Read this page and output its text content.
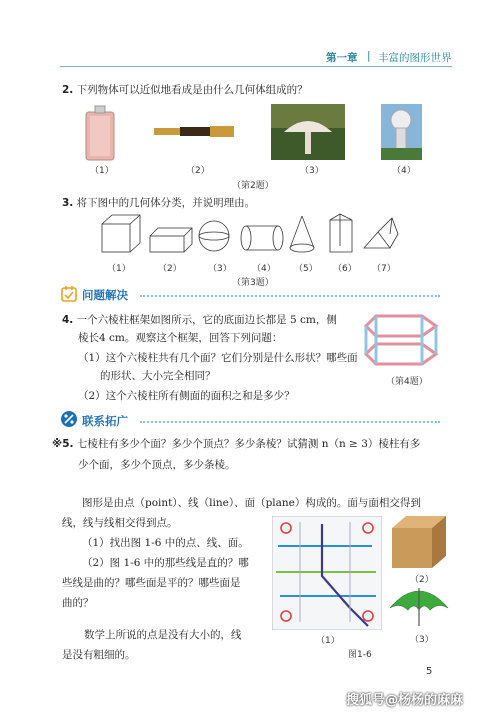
第一章 | 丰富的图形世界
2. 下列物体可以近似地看成是由什么几何体组成的？
（1）	（2）	（3）	（4）
（第2题）
3. 将下图中的几何体分类，并说明理由。
（1）	（2）	（3） （4） （5） （6） （7）
（第3题）
问题解决
4. 一个六棱柱框架如图所示，它的底面边长都是 5 cm，侧
棱长4 cm。观察这个框架，回答下列问题：
（1）这个六棱柱共有几个面？它们分别是什么形状？哪些面
的形状、大小完全相同？
（2）这个六棱柱所有侧面的面积之和是多少？
（第4题）
联系拓广
※5. 七棱柱有多少个面？多少个顶点？多少条棱？试猜测 n（n ≥ 3）棱柱有多
少个面，多少个顶点，多少条棱。
图形是由点（point）、线（line）、面（plane）构成的。面与面相交得到
线，线与线相交得到点。
（1）找出图 1-6 中的点、线、面。
（2）图 1-6 中的那些线是直的？哪
些线是曲的？哪些面是平的？哪些面是
曲的？
数学上所说的点是没有大小的，线
是没有粗细的。
（1）
图1-6
（2）
（3）
5
搜狐号@杨杨的麻麻
